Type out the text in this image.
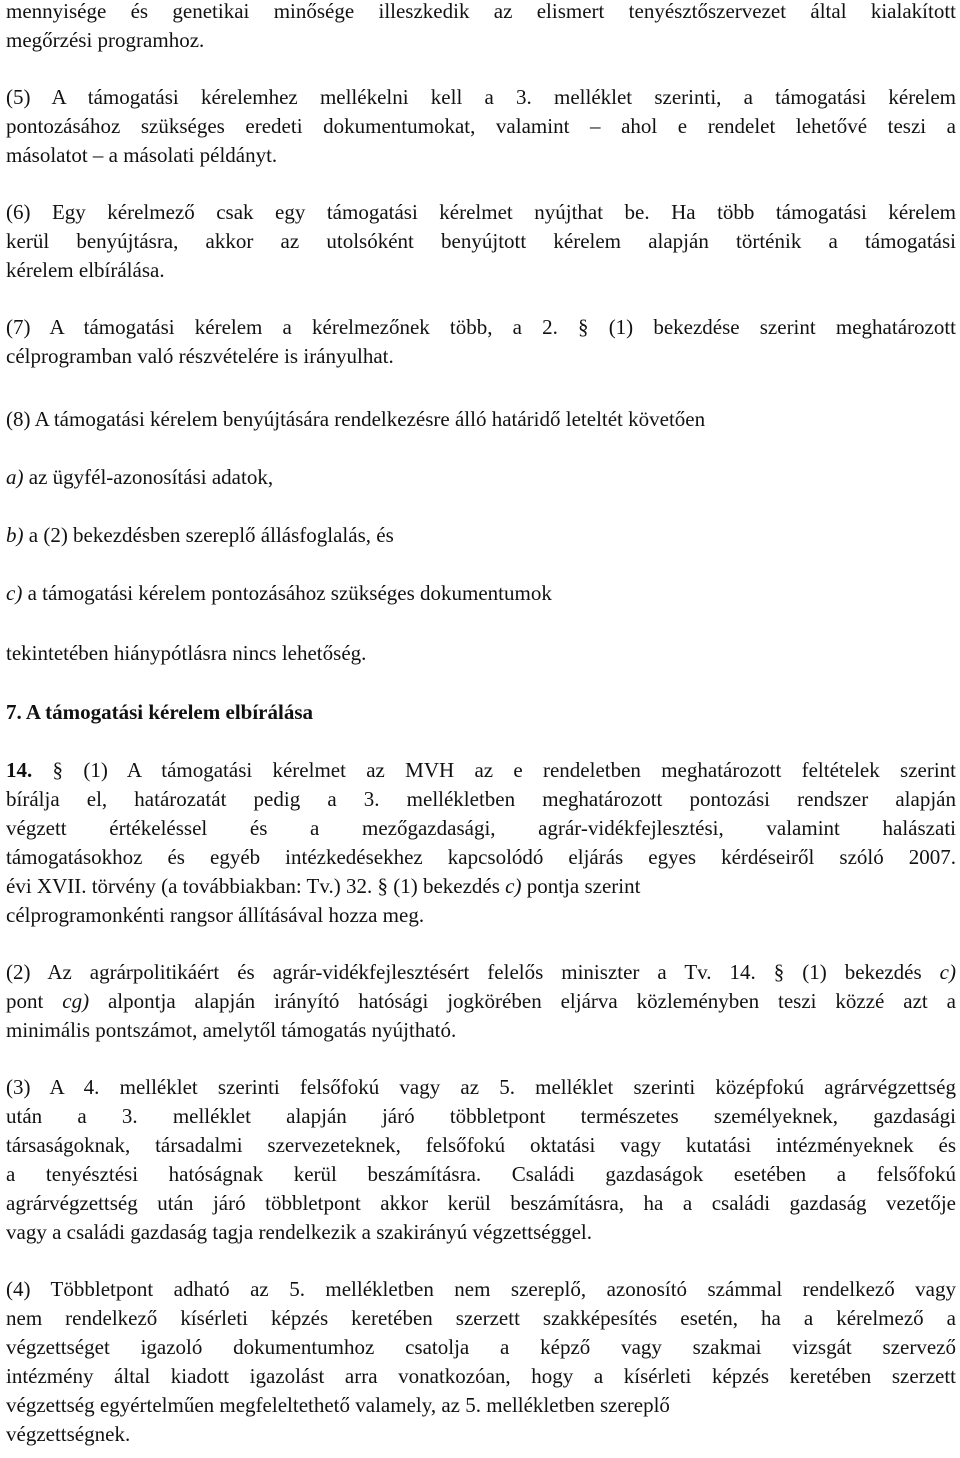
mennyisége és genetikai minősége illeszkedik az elismert tenyésztőszervezet által kialakított
megőrzési programhoz.
(5) A támogatási kérelemhez mellékelni kell a 3. melléklet szerinti, a támogatási kérelem
pontozásához szükséges eredeti dokumentumokat, valamint – ahol e rendelet lehetővé teszi a
másolatot – a másolati példányt.
(6) Egy kérelmező csak egy támogatási kérelmet nyújthat be. Ha több támogatási kérelem
kerül benyújtásra, akkor az utolsóként benyújtott kérelem alapján történik a támogatási
kérelem elbírálása.
(7) A támogatási kérelem a kérelmezőnek több, a 2. § (1) bekezdése szerint meghatározott
célprogramban való részvételére is irányulhat.
(8) A támogatási kérelem benyújtására rendelkezésre álló határidő leteltét követően
a) az ügyfél-azonosítási adatok,
b) a (2) bekezdésben szereplő állásfoglalás, és
c) a támogatási kérelem pontozásához szükséges dokumentumok
tekintetében hiánypótlásra nincs lehetőség.
7. A támogatási kérelem elbírálása
14. § (1) A támogatási kérelmet az MVH az e rendeletben meghatározott feltételek szerint
bírálja el, határozatát pedig a 3. mellékletben meghatározott pontozási rendszer alapján
végzett értékeléssel és a mezőgazdasági, agrár-vidékfejlesztési, valamint halászati
támogatásokhoz és egyéb intézkedésekhez kapcsolódó eljárás egyes kérdéseiről szóló 2007.
évi XVII. törvény (a továbbiakban: Tv.) 32. § (1) bekezdés c) pontja szerint
célprogramonkénti rangsor állításával hozza meg.
(2) Az agrárpolitikáért és agrár-vidékfejlesztésért felelős miniszter a Tv. 14. § (1) bekezdés c)
pont cg) alpontja alapján irányító hatósági jogkörében eljárva közleményben teszi közzé azt a
minimális pontszámot, amelytől támogatás nyújtható.
(3) A 4. melléklet szerinti felsőfokú vagy az 5. melléklet szerinti középfokú agrárvégzettség
után a 3. melléklet alapján járó többletpont természetes személyeknek, gazdasági
társaságoknak, társadalmi szervezeteknek, felsőfokú oktatási vagy kutatási intézményeknek és
a tenyésztési hatóságnak kerül beszámításra. Családi gazdaságok esetében a felsőfokú
agrárvégzettség után járó többletpont akkor kerül beszámításra, ha a családi gazdaság vezetője
vagy a családi gazdaság tagja rendelkezik a szakirányú végzettséggel.
(4) Többletpont adható az 5. mellékletben nem szereplő, azonosító számmal rendelkező vagy
nem rendelkező kísérleti képzés keretében szerzett szakképesítés esetén, ha a kérelmező a
végzettséget igazoló dokumentumhoz csatolja a képző vagy szakmai vizsgát szervező
intézmény által kiadott igazolást arra vonatkozóan, hogy a kísérleti képzés keretében szerzett
végzettség egyértelműen megfeleltethető valamely, az 5. mellékletben szereplő
végzettségnek.
